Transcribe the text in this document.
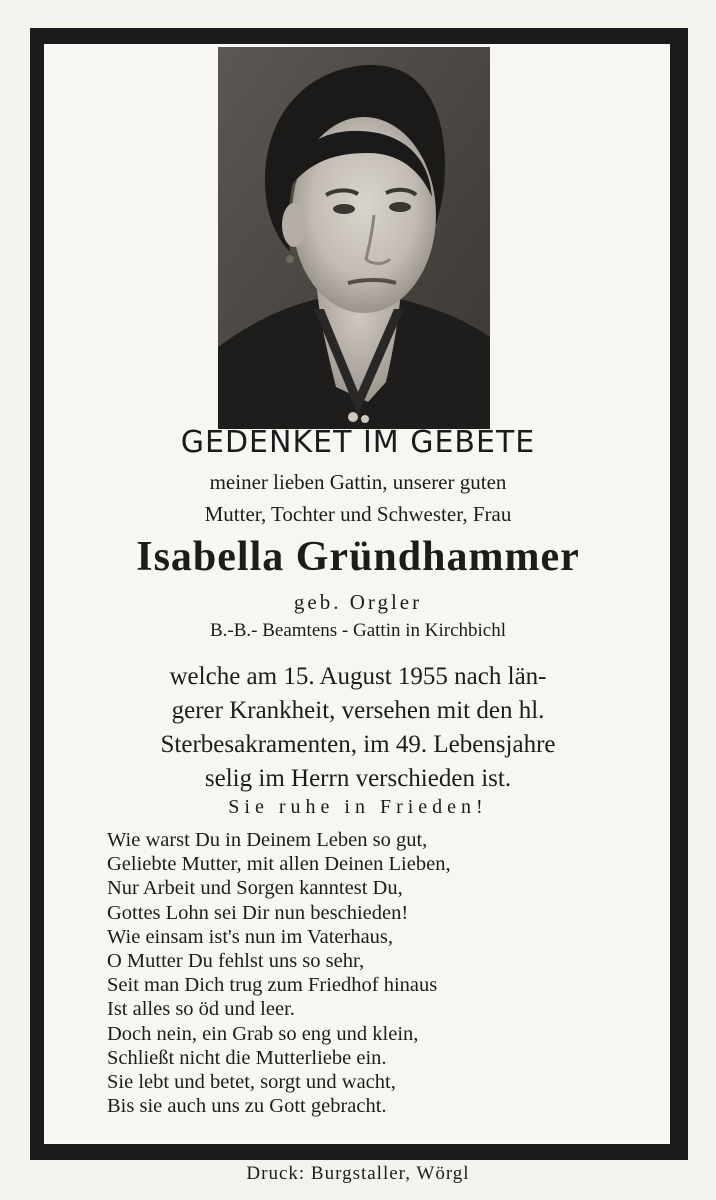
GEDENKET IM GEBETE
meiner lieben Gattin, unserer guten
Mutter, Tochter und Schwester, Frau
Isabella Gründhammer
geb. Orgler
B.-B.- Beamtens - Gattin in Kirchbichl
welche am 15. August 1955 nach län-
gerer Krankheit, versehen mit den hl.
Sterbesakramenten, im 49. Lebensjahre
selig im Herrn verschieden ist.
Sie ruhe in Frieden!
Wie warst Du in Deinem Leben so gut,
Geliebte Mutter, mit allen Deinen Lieben,
Nur Arbeit und Sorgen kanntest Du,
Gottes Lohn sei Dir nun beschieden!
Wie einsam ist's nun im Vaterhaus,
O Mutter Du fehlst uns so sehr,
Seit man Dich trug zum Friedhof hinaus
Ist alles so öd und leer.
Doch nein, ein Grab so eng und klein,
Schließt nicht die Mutterliebe ein.
Sie lebt und betet, sorgt und wacht,
Bis sie auch uns zu Gott gebracht.
Druck: Burgstaller, Wörgl
